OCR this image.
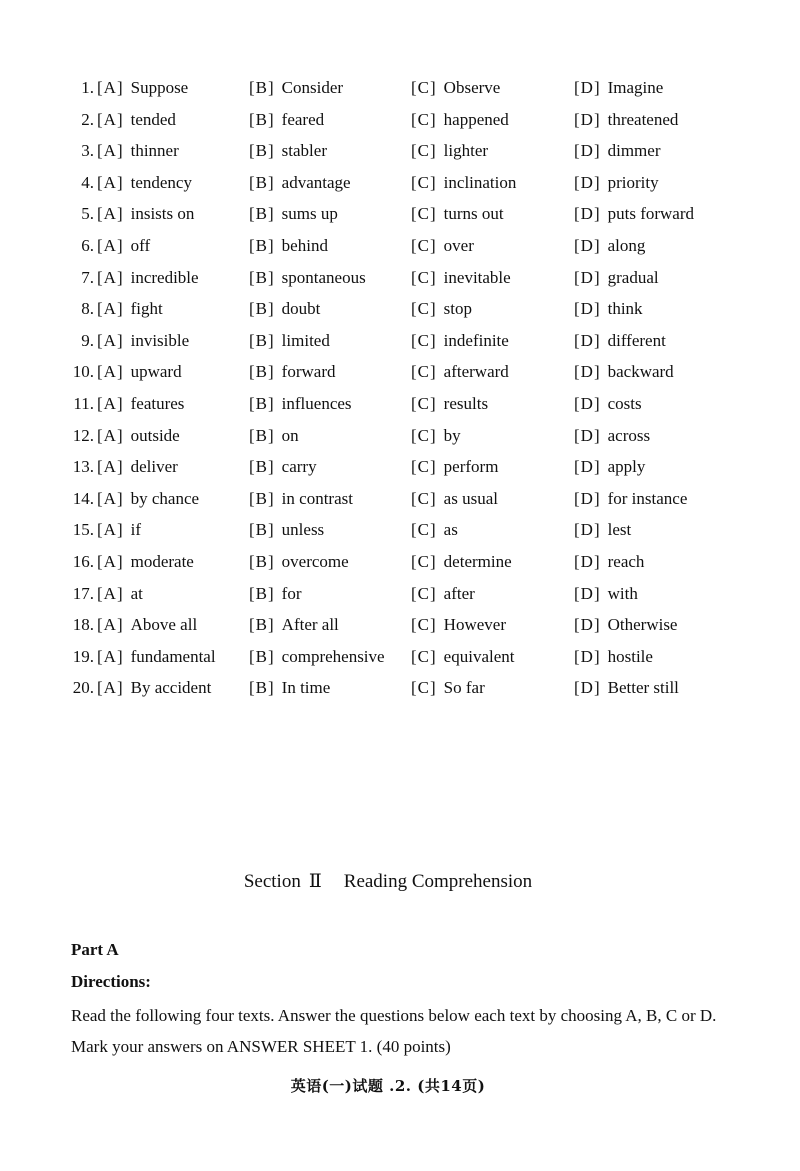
1. [A] Suppose	[B] Consider	[C] Observe	[D] Imagine
2. [A] tended	[B] feared	[C] happened	[D] threatened
3. [A] thinner	[B] stabler	[C] lighter	[D] dimmer
4. [A] tendency	[B] advantage	[C] inclination	[D] priority
5. [A] insists on	[B] sums up	[C] turns out	[D] puts forward
6. [A] off	[B] behind	[C] over	[D] along
7. [A] incredible	[B] spontaneous	[C] inevitable	[D] gradual
8. [A] fight	[B] doubt	[C] stop	[D] think
9. [A] invisible	[B] limited	[C] indefinite	[D] different
10. [A] upward	[B] forward	[C] afterward	[D] backward
11. [A] features	[B] influences	[C] results	[D] costs
12. [A] outside	[B] on	[C] by	[D] across
13. [A] deliver	[B] carry	[C] perform	[D] apply
14. [A] by chance	[B] in contrast	[C] as usual	[D] for instance
15. [A] if	[B] unless	[C] as	[D] lest
16. [A] moderate	[B] overcome	[C] determine	[D] reach
17. [A] at	[B] for	[C] after	[D] with
18. [A] Above all	[B] After all	[C] However	[D] Otherwise
19. [A] fundamental [B] comprehensive [C] equivalent	[D] hostile
20. [A] By accident [B] In time	[C] So far	[D] Better still
Section Ⅱ Reading Comprehension
Part A
Directions:
Read the following four texts. Answer the questions below each text by choosing A, B, C or D. Mark your answers on ANSWER SHEET 1. (40 points)
英语(一)试题 .2. (共14页)
